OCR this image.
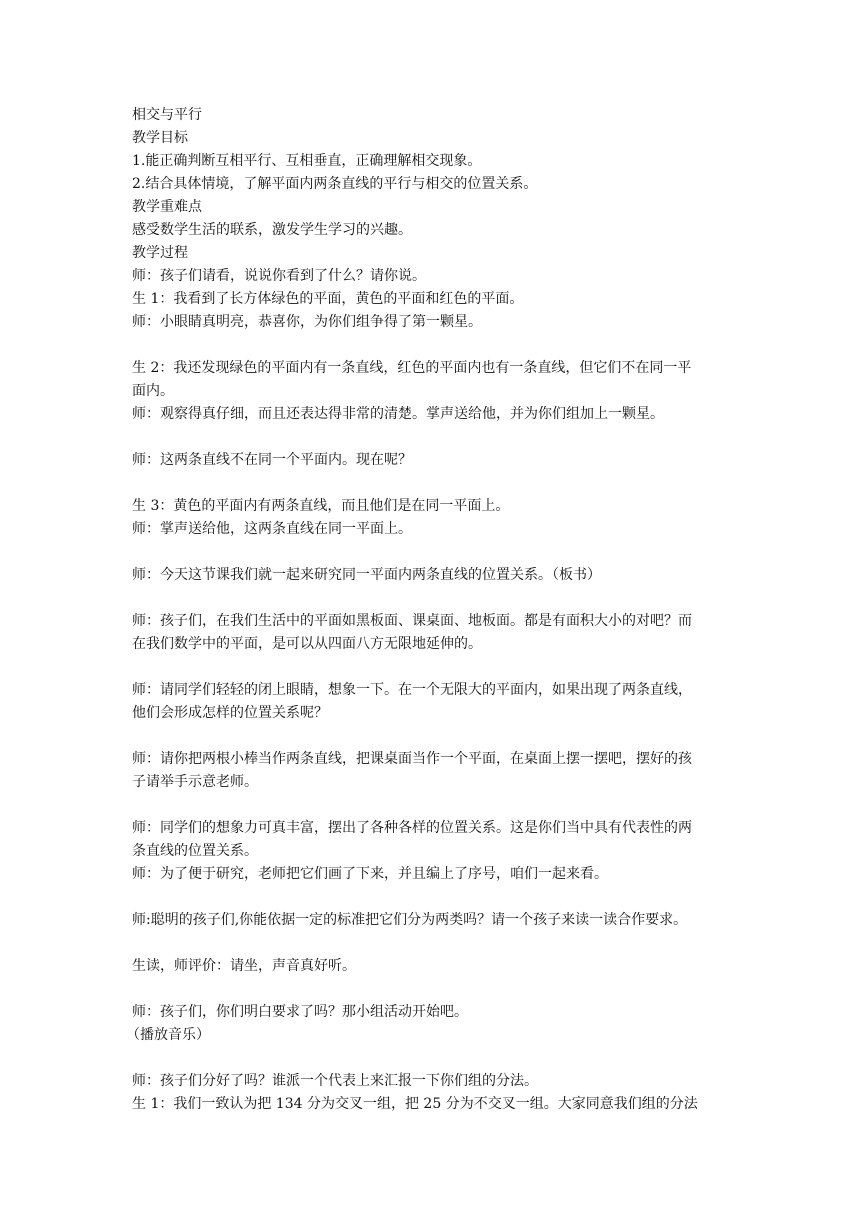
相交与平行
教学目标
1.能正确判断互相平行、互相垂直，正确理解相交现象。
2.结合具体情境，了解平面内两条直线的平行与相交的位置关系。
教学重难点
感受数学生活的联系，激发学生学习的兴趣。
教学过程
师：孩子们请看，说说你看到了什么？请你说。
生 1：我看到了长方体绿色的平面，黄色的平面和红色的平面。
师：小眼睛真明亮，恭喜你，为你们组争得了第一颗星。
生 2：我还发现绿色的平面内有一条直线，红色的平面内也有一条直线，但它们不在同一平
面内。
师：观察得真仔细，而且还表达得非常的清楚。掌声送给他，并为你们组加上一颗星。
师：这两条直线不在同一个平面内。现在呢？
生 3：黄色的平面内有两条直线，而且他们是在同一平面上。
师：掌声送给他，这两条直线在同一平面上。
师：今天这节课我们就一起来研究同一平面内两条直线的位置关系。（板书）
师：孩子们，在我们生活中的平面如黑板面、课桌面、地板面。都是有面积大小的对吧？而
在我们数学中的平面，是可以从四面八方无限地延伸的。
师：请同学们轻轻的闭上眼睛，想象一下。在一个无限大的平面内，如果出现了两条直线，
他们会形成怎样的位置关系呢？
师：请你把两根小棒当作两条直线，把课桌面当作一个平面，在桌面上摆一摆吧，摆好的孩
子请举手示意老师。
师：同学们的想象力可真丰富，摆出了各种各样的位置关系。这是你们当中具有代表性的两
条直线的位置关系。
师：为了便于研究，老师把它们画了下来，并且编上了序号，咱们一起来看。
师:聪明的孩子们,你能依据一定的标准把它们分为两类吗？请一个孩子来读一读合作要求。
生读，师评价：请坐，声音真好听。
师：孩子们，你们明白要求了吗？那小组活动开始吧。
（播放音乐）
师：孩子们分好了吗？谁派一个代表上来汇报一下你们组的分法。
生 1：我们一致认为把 134 分为交叉一组，把 25 分为不交叉一组。大家同意我们组的分法
